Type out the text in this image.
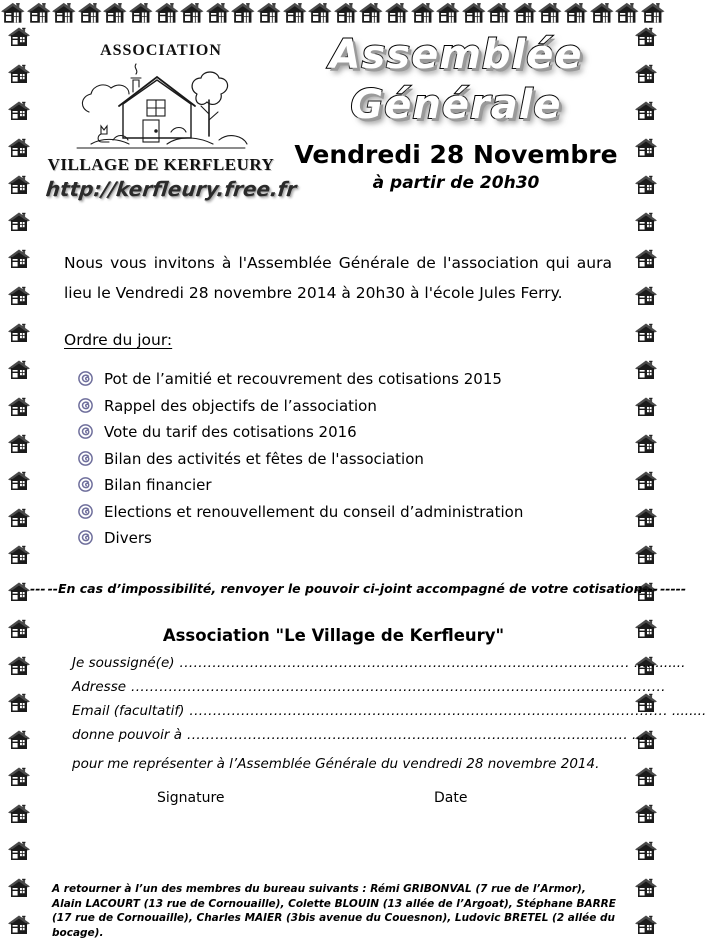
ASSOCIATION
VILLAGE DE KERFLEURY
http://kerfleury.free.fr
Assemblée
Générale
Vendredi 28 Novembre
à partir de 20h30
Nous vous invitons à l'Assemblée Générale de l'association qui aura lieu le Vendredi 28 novembre 2014 à 20h30 à l'école Jules Ferry.
Ordre du jour:
Pot de l’amitié et recouvrement des cotisations 2015
Rappel des objectifs de l’association
Vote du tarif des cotisations 2016
Bilan des activités et fêtes de l'association
Bilan financier
Elections et renouvellement du conseil d’administration
Divers
--- -- En cas d’impossibilité, renvoyer le pouvoir ci-joint accompagné de votre cotisation --- -----
Association "Le Village de Kerfleury"
Je soussigné(e) ................................................................................................ ............
Adresse ..................................................................................................................
Email (facultatif) ...................................................................................................... ........
donne pouvoir à .............................................................................................. .....
pour me représenter à l’Assemblée Générale du vendredi 28 novembre 2014.
Signature	Date
A retourner à l’un des membres du bureau suivants : Rémi GRIBONVAL (7 rue de l’Armor), Alain LACOURT (13 rue de Cornouaille), Colette BLOUIN (13 allée de l’Argoat), Stéphane BARRE (17 rue de Cornouaille), Charles MAIER (3bis avenue du Couesnon), Ludovic BRETEL (2 allée du bocage).
